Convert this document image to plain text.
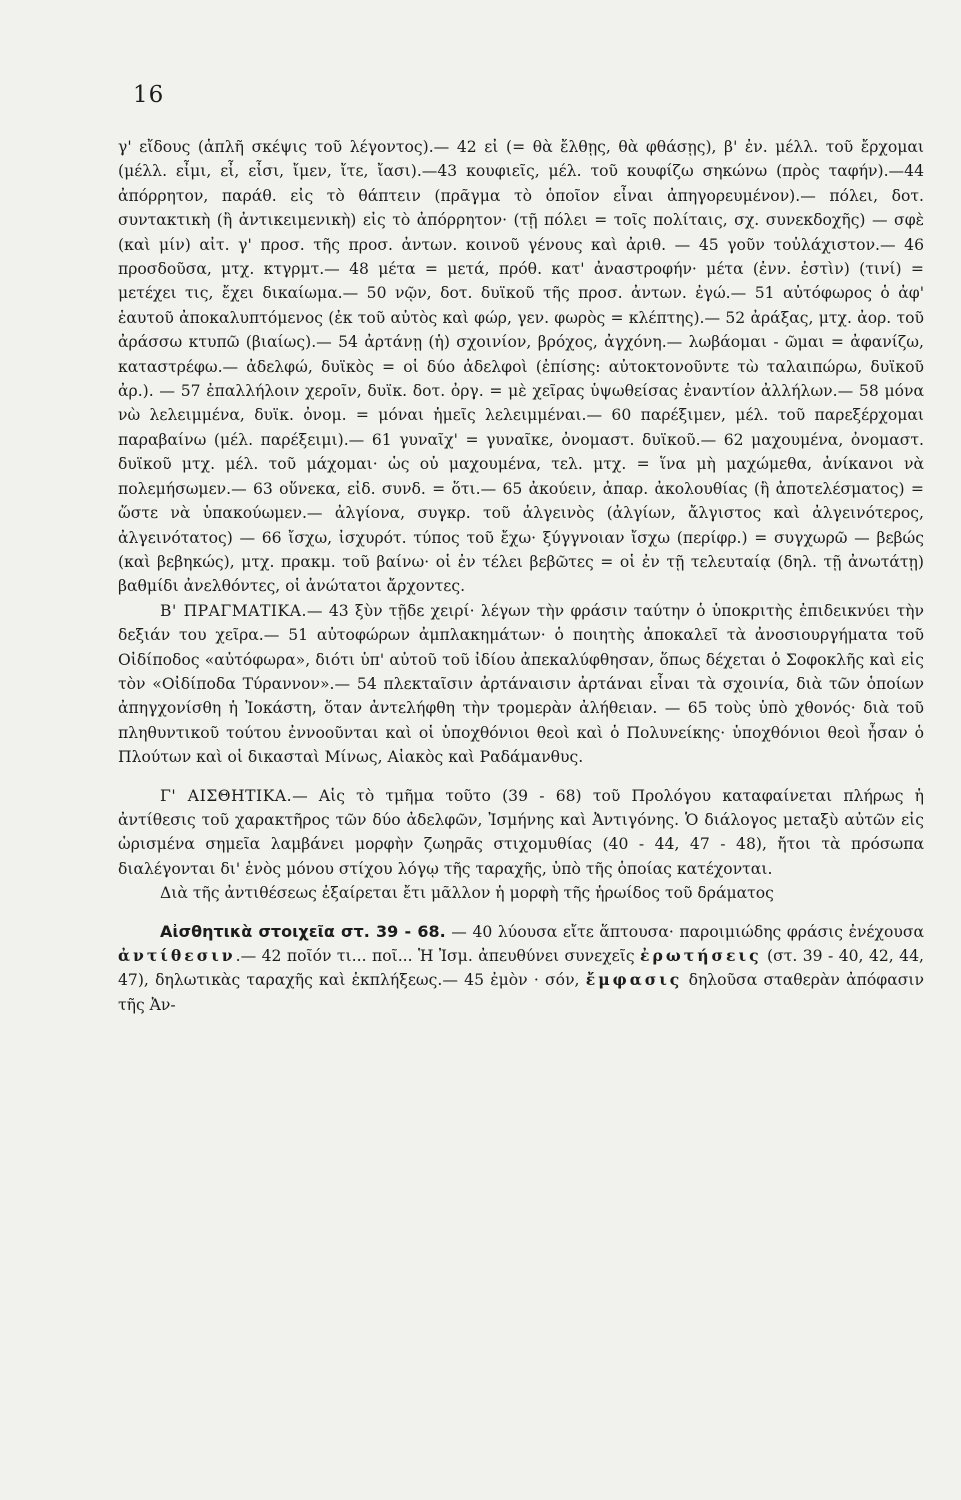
16

γ' εἴδους (ἁπλῆ σκέψις τοῦ λέγοντος).— 42 εἰ (= θὰ ἔλθῃς, θὰ φθάσῃς), β' ἐν. μέλλ. τοῦ ἔρχομαι (μέλλ. εἶμι, εἶ, εἶσι, ἴμεν, ἴτε, ἴασι).—43 κουφιεῖς, μέλ. τοῦ κουφίζω σηκώνω (πρὸς ταφήν).—44 ἀπόρρητον, παράθ. εἰς τὸ θάπτειν (πρᾶγμα τὸ ὁποῖον εἶναι ἀπηγορευμένον).— πόλει, δοτ. συντακτικὴ (ἢ ἀντικειμενικὴ) εἰς τὸ ἀπόρρητον· (τῇ πόλει = τοῖς πολίταις, σχ. συνεκδοχῆς) — σφὲ (καὶ μίν) αἰτ. γ' προσ. τῆς προσ. ἀντων. κοινοῦ γένους καὶ ἀριθ. — 45 γοῦν τοὐλάχιστον.— 46 προσδοῦσα, μτχ. κτγρμτ.— 48 μέτα = μετά, πρόθ. κατ' ἀναστροφήν· μέτα (ἐνν. ἐστὶν) (τινί) = μετέχει τις, ἔχει δικαίωμα.— 50 νῷν, δοτ. δυϊκοῦ τῆς προσ. ἀντων. ἐγώ.— 51 αὐτόφωρος ὁ ἀφ' ἑαυτοῦ ἀποκαλυπτόμενος (ἐκ τοῦ αὐτὸς καὶ φώρ, γεν. φωρὸς = κλέπτης).— 52 ἀράξας, μτχ. ἀορ. τοῦ ἀράσσω κτυπῶ (βιαίως).— 54 ἀρτάνῃ (ἡ) σχοινίον, βρόχος, ἀγχόνη.— λωβάομαι - ῶμαι = ἀφανίζω, καταστρέφω.— ἀδελφώ, δυϊκὸς = οἱ δύο ἀδελφοὶ (ἐπίσης: αὐτοκτονοῦντε τὼ ταλαιπώρω, δυϊκοῦ ἀρ.). — 57 ἐπαλλήλοιν χεροῖν, δυϊκ. δοτ. ὀργ. = μὲ χεῖρας ὑψωθείσας ἐναντίον ἀλλήλων.— 58 μόνα νὼ λελειμμένα, δυϊκ. ὀνομ. = μόναι ἡμεῖς λελειμμέναι.— 60 παρέξιμεν, μέλ. τοῦ παρεξέρχομαι παραβαίνω (μέλ. παρέξειμι).— 61 γυναῖχ' = γυναῖκε, ὀνομαστ. δυϊκοῦ.— 62 μαχουμένα, ὀνομαστ. δυϊκοῦ μτχ. μέλ. τοῦ μάχομαι· ὡς οὐ μαχουμένα, τελ. μτχ. = ἵνα μὴ μαχώμεθα, ἀνίκανοι νὰ πολεμήσωμεν.— 63 οὕνεκα, εἰδ. συνδ. = ὅτι.— 65 ἀκούειν, ἀπαρ. ἀκολουθίας (ἢ ἀποτελέσματος) = ὥστε νὰ ὑπακούωμεν.— ἀλγίονα, συγκρ. τοῦ ἀλγεινὸς (ἀλγίων, ἄλγιστος καὶ ἀλγεινότερος, ἀλγεινότατος) — 66 ἴσχω, ἰσχυρότ. τύπος τοῦ ἔχω· ξύγγνοιαν ἴσχω (περίφρ.) = συγχωρῶ — βεβώς (καὶ βεβηκώς), μτχ. πρακμ. τοῦ βαίνω· οἱ ἐν τέλει βεβῶτες = οἱ ἐν τῇ τελευταίᾳ (δηλ. τῇ ἀνωτάτῃ) βαθμίδι ἀνελθόντες, οἱ ἀνώτατοι ἄρχοντες.

Β' ΠΡΑΓΜΑΤΙΚΑ.— 43 ξὺν τῇδε χειρί· λέγων τὴν φράσιν ταύτην ὁ ὑποκριτὴς ἐπιδεικνύει τὴν δεξιάν του χεῖρα.— 51 αὐτοφώρων ἀμπλακημάτων· ὁ ποιητὴς ἀποκαλεῖ τὰ ἀνοσιουργήματα τοῦ Οἰδίποδος «αὐτόφωρα», διότι ὑπ' αὐτοῦ τοῦ ἰδίου ἀπεκαλύφθησαν, ὅπως δέχεται ὁ Σοφοκλῆς καὶ εἰς τὸν «Οἰδίποδα Τύραννον».— 54 πλεκταῖσιν ἀρτάναισιν ἀρτάναι εἶναι τὰ σχοινία, διὰ τῶν ὁποίων ἀπηγχονίσθη ἡ Ἰοκάστη, ὅταν ἀντελήφθη τὴν τρομερὰν ἀλήθειαν. — 65 τοὺς ὑπὸ χθονός· διὰ τοῦ πληθυντικοῦ τούτου ἐννοοῦνται καὶ οἱ ὑποχθόνιοι θεοὶ καὶ ὁ Πολυνείκης· ὑποχθόνιοι θεοὶ ἦσαν ὁ Πλούτων καὶ οἱ δικασταὶ Μίνως, Αἰακὸς καὶ Ραδάμανθυς.

Γ' ΑΙΣΘΗΤΙΚΑ.— Αἱς τὸ τμῆμα τοῦτο (39 - 68) τοῦ Προλόγου καταφαίνεται πλήρως ἡ ἀντίθεσις τοῦ χαρακτῆρος τῶν δύο ἀδελφῶν, Ἰσμήνης καὶ Ἀντιγόνης. Ὁ διάλογος μεταξὺ αὐτῶν εἰς ὡρισμένα σημεῖα λαμβάνει μορφὴν ζωηρᾶς στιχομυθίας (40 - 44, 47 - 48), ἤτοι τὰ πρόσωπα διαλέγονται δι' ἑνὸς μόνου στίχου λόγῳ τῆς ταραχῆς, ὑπὸ τῆς ὁποίας κατέχονται.

Διὰ τῆς ἀντιθέσεως ἐξαίρεται ἔτι μᾶλλον ἡ μορφὴ τῆς ἡρωίδος τοῦ δράματος

Αἰσθητικὰ στοιχεῖα στ. 39 - 68. — 40 λύουσα εἴτε ἅπτουσα· παροιμιώδης φράσις ἐνέχουσα ἀντίθεσιν.— 42 ποῖόν τι... ποῖ... Ἡ Ἰσμ. ἀπευθύνει συνεχεῖς ἐρωτήσεις (στ. 39 - 40, 42, 44, 47), δηλωτικὰς ταραχῆς καὶ ἐκπλήξεως.— 45 ἐμὸν · σόν, ἔμφασις δηλοῦσα σταθερὰν ἀπόφασιν τῆς Ἀν-
